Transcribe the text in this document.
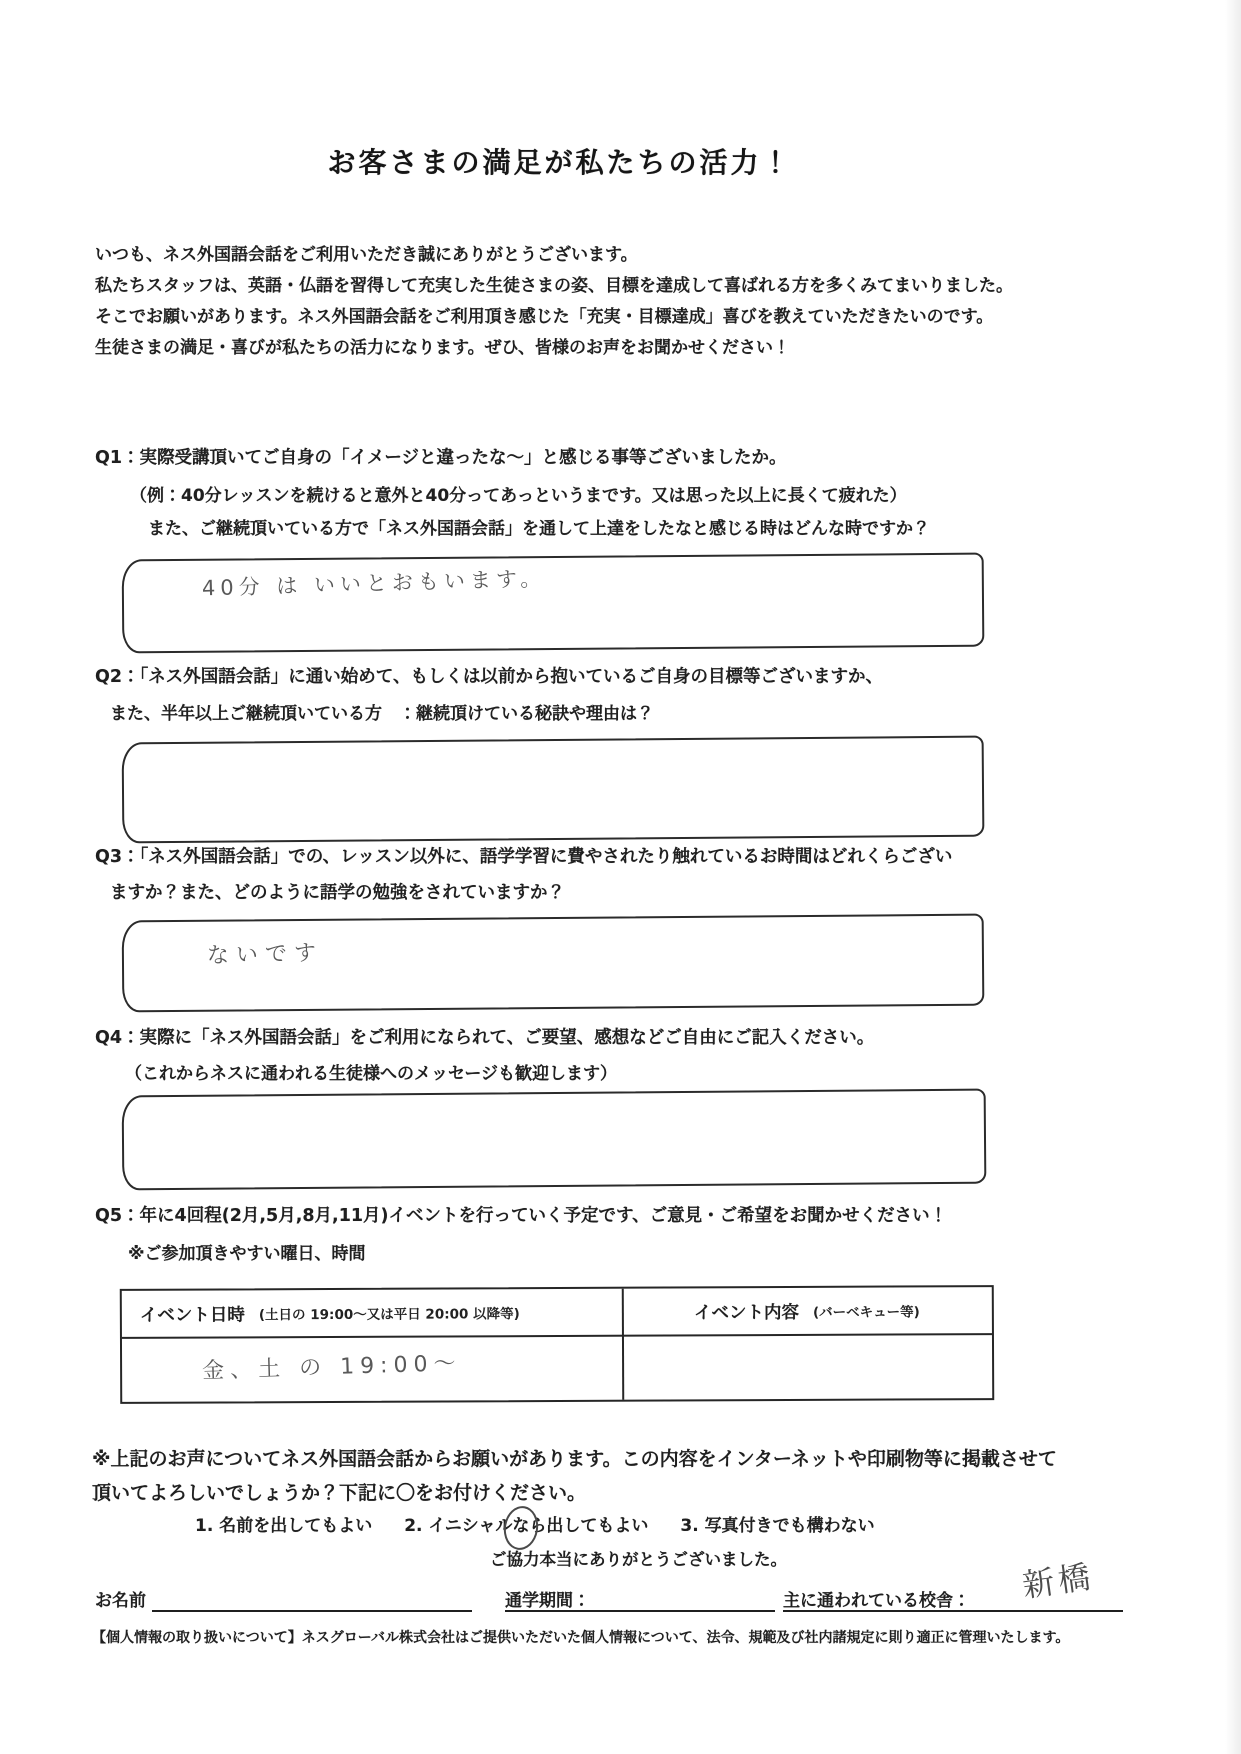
お客さまの満足が私たちの活力！
いつも、ネス外国語会話をご利用いただき誠にありがとうございます。
私たちスタッフは、英語・仏語を習得して充実した生徒さまの姿、目標を達成して喜ばれる方を多くみてまいりました。
そこでお願いがあります。ネス外国語会話をご利用頂き感じた「充実・目標達成」喜びを教えていただきたいのです。
生徒さまの満足・喜びが私たちの活力になります。ぜひ、皆様のお声をお聞かせください！
Q1：実際受講頂いてご自身の「イメージと違ったな～」と感じる事等ございましたか。
（例：40分レッスンを続けると意外と40分ってあっというまです。又は思った以上に長くて疲れた）
また、ご継続頂いている方で「ネス外国語会話」を通して上達をしたなと感じる時はどんな時ですか？
40分 は いいとおもいます。
Q2：「ネス外国語会話」に通い始めて、もしくは以前から抱いているご自身の目標等ございますか、
また、半年以上ご継続頂いている方　：継続頂けている秘訣や理由は？
Q3：「ネス外国語会話」での、レッスン以外に、語学学習に費やされたり触れているお時間はどれくらござい
ますか？また、どのように語学の勉強をされていますか？
ないです
Q4：実際に「ネス外国語会話」をご利用になられて、ご要望、感想などご自由にご記入ください。
（これからネスに通われる生徒様へのメッセージも歓迎します）
Q5：年に4回程(2月,5月,8月,11月)イベントを行っていく予定です、ご意見・ご希望をお聞かせください！
※ご参加頂きやすい曜日、時間
イベント日時 (土日の 19:00～又は平日 20:00 以降等)	イベント内容 (バーベキュー等)
金、土 の 19:00～
※上記のお声についてネス外国語会話からお願いがあります。この内容をインターネットや印刷物等に掲載させて
頂いてよろしいでしょうか？下記に〇をお付けください。
1. 名前を出してもよい 2. イニシャルなら出してもよい 3. 写真付きでも構わない
ご協力本当にありがとうございました。
お名前	通学期間：	主に通われている校舎： 新橋
【個人情報の取り扱いについて】ネスグローバル株式会社はご提供いただいた個人情報について、法令、規範及び社内諸規定に則り適正に管理いたします。
